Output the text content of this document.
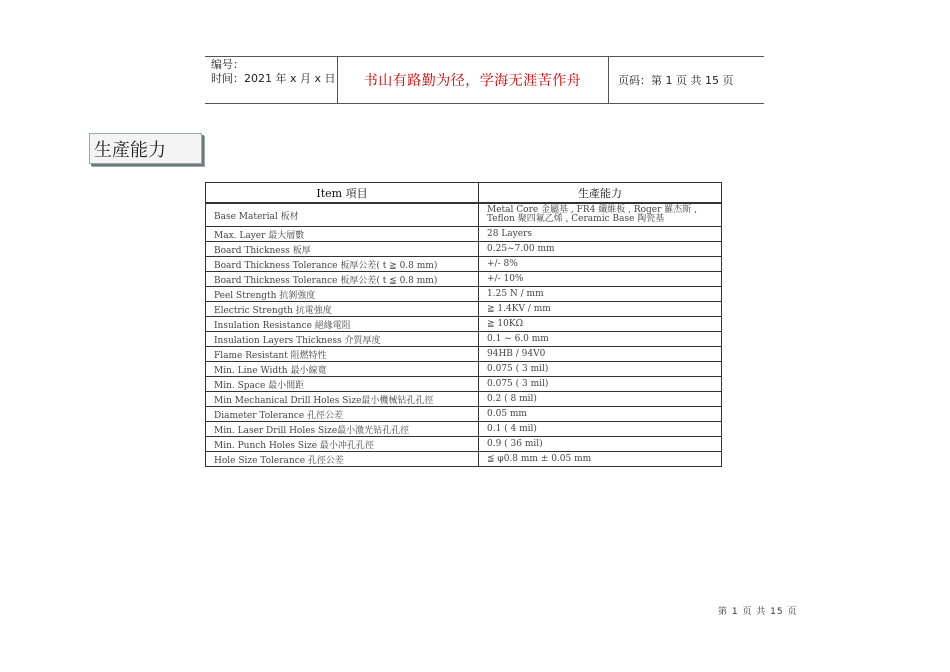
编号：
时间：2021 年 x 月 x 日	书山有路勤为径，学海无涯苦作舟	页码：第 1 页 共 15 页
生產能力
Item 項目	生產能力
Base Material 板材	Metal Core 金屬基 , FR4 纖維板 , Roger 羅杰斯 , Teflon 聚四氟乙烯 , Ceramic Base 陶瓷基
Max. Layer 最大層數	28 Layers
Board Thickness 板厚	0.25~7.00 mm
Board Thickness Tolerance 板厚公差( t ≧ 0.8 mm)	+/- 8%
Board Thickness Tolerance 板厚公差( t ≦ 0.8 mm)	+/- 10%
Peel Strength 抗剝強度	1.25 N / mm
Electric Strength 抗電強度	≧ 1.4KV / mm
Insulation Resistance 絕緣電阻	≧ 10KΩ
Insulation Layers Thickness 介質厚度	0.1 ~ 6.0 mm
Flame Resistant 阻燃特性	94HB / 94V0
Min. Line Width 最小線寬	0.075 ( 3 mil)
Min. Space 最小間距	0.075 ( 3 mil)
Min Mechanical Drill Holes Size最小機械钻孔孔徑	0.2 ( 8 mil)
Diameter Tolerance 孔徑公差	0.05 mm
Min. Laser Drill Holes Size最小激光钻孔孔徑	0.1 ( 4 mil)
Min. Punch Holes Size 最小冲孔孔徑	0.9 ( 36 mil)
Hole Size Tolerance 孔徑公差	≦ φ0.8 mm ± 0.05 mm
第 1 页 共 15 页
